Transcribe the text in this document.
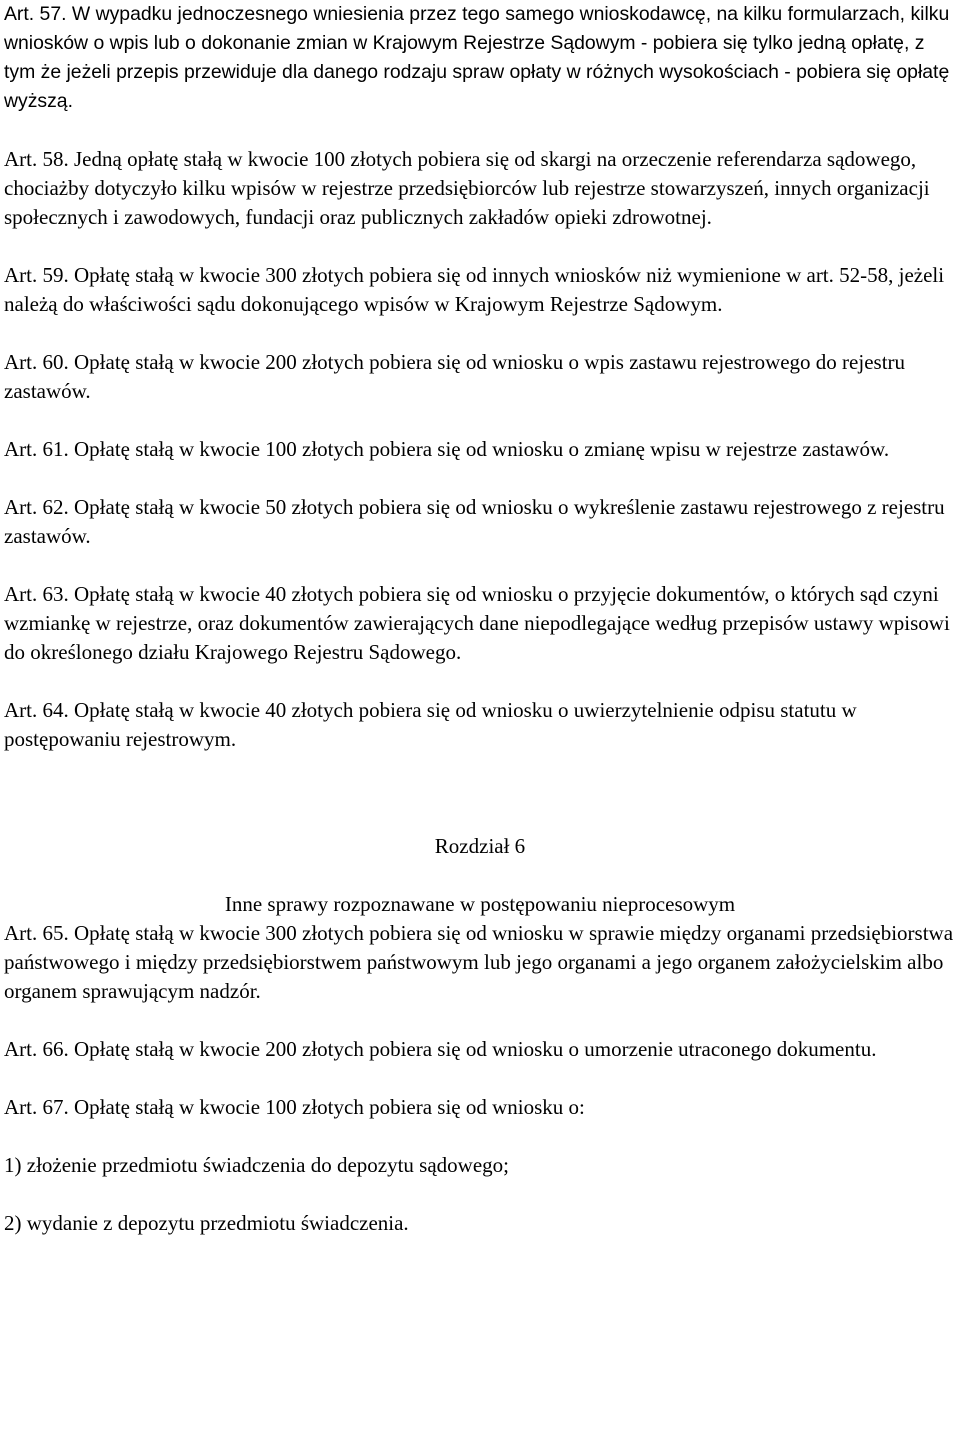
Art. 57. W wypadku jednoczesnego wniesienia przez tego samego wnioskodawcę, na kilku formularzach, kilku wniosków o wpis lub o dokonanie zmian w Krajowym Rejestrze Sądowym - pobiera się tylko jedną opłatę, z tym że jeżeli przepis przewiduje dla danego rodzaju spraw opłaty w różnych wysokościach - pobiera się opłatę wyższą.

Art. 58. Jedną opłatę stałą w kwocie 100 złotych pobiera się od skargi na orzeczenie referendarza sądowego, chociażby dotyczyło kilku wpisów w rejestrze przedsiębiorców lub rejestrze stowarzyszeń, innych organizacji społecznych i zawodowych, fundacji oraz publicznych zakładów opieki zdrowotnej.

Art. 59. Opłatę stałą w kwocie 300 złotych pobiera się od innych wniosków niż wymienione w art. 52-58, jeżeli należą do właściwości sądu dokonującego wpisów w Krajowym Rejestrze Sądowym.

Art. 60. Opłatę stałą w kwocie 200 złotych pobiera się od wniosku o wpis zastawu rejestrowego do rejestru zastawów.

Art. 61. Opłatę stałą w kwocie 100 złotych pobiera się od wniosku o zmianę wpisu w rejestrze zastawów.

Art. 62. Opłatę stałą w kwocie 50 złotych pobiera się od wniosku o wykreślenie zastawu rejestrowego z rejestru zastawów.

Art. 63. Opłatę stałą w kwocie 40 złotych pobiera się od wniosku o przyjęcie dokumentów, o których sąd czyni wzmiankę w rejestrze, oraz dokumentów zawierających dane niepodlegające według przepisów ustawy wpisowi do określonego działu Krajowego Rejestru Sądowego.

Art. 64. Opłatę stałą w kwocie 40 złotych pobiera się od wniosku o uwierzytelnienie odpisu statutu w postępowaniu rejestrowym.

Rozdział 6

Inne sprawy rozpoznawane w postępowaniu nieprocesowym

Art. 65. Opłatę stałą w kwocie 300 złotych pobiera się od wniosku w sprawie między organami przedsiębiorstwa państwowego i między przedsiębiorstwem państwowym lub jego organami a jego organem założycielskim albo organem sprawującym nadzór.

Art. 66. Opłatę stałą w kwocie 200 złotych pobiera się od wniosku o umorzenie utraconego dokumentu.

Art. 67. Opłatę stałą w kwocie 100 złotych pobiera się od wniosku o:

1) złożenie przedmiotu świadczenia do depozytu sądowego;

2) wydanie z depozytu przedmiotu świadczenia.
